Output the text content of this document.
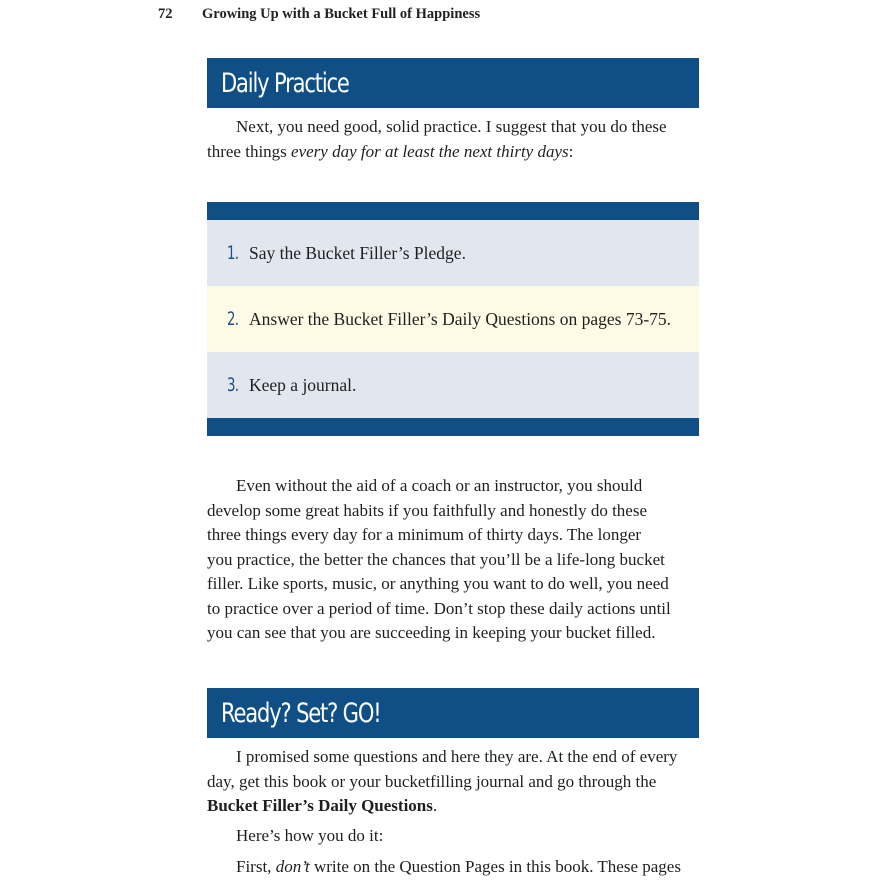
72 Growing Up with a Bucket Full of Happiness
Daily Practice

Next, you need good, solid practice. I suggest that you do these
three things every day for at least the next thirty days:

1. Say the Bucket Filler’s Pledge.
2. Answer the Bucket Filler’s Daily Questions on pages 73-75.
3. Keep a journal.

Even without the aid of a coach or an instructor, you should
develop some great habits if you faithfully and honestly do these
three things every day for a minimum of thirty days. The longer
you practice, the better the chances that you’ll be a life-long bucket
filler. Like sports, music, or anything you want to do well, you need
to practice over a period of time. Don’t stop these daily actions until
you can see that you are succeeding in keeping your bucket filled.

Ready? Set? GO!

I promised some questions and here they are. At the end of every
day, get this book or your bucketfilling journal and go through the
Bucket Filler’s Daily Questions.

Here’s how you do it:

First, don’t write on the Question Pages in this book. These pages
